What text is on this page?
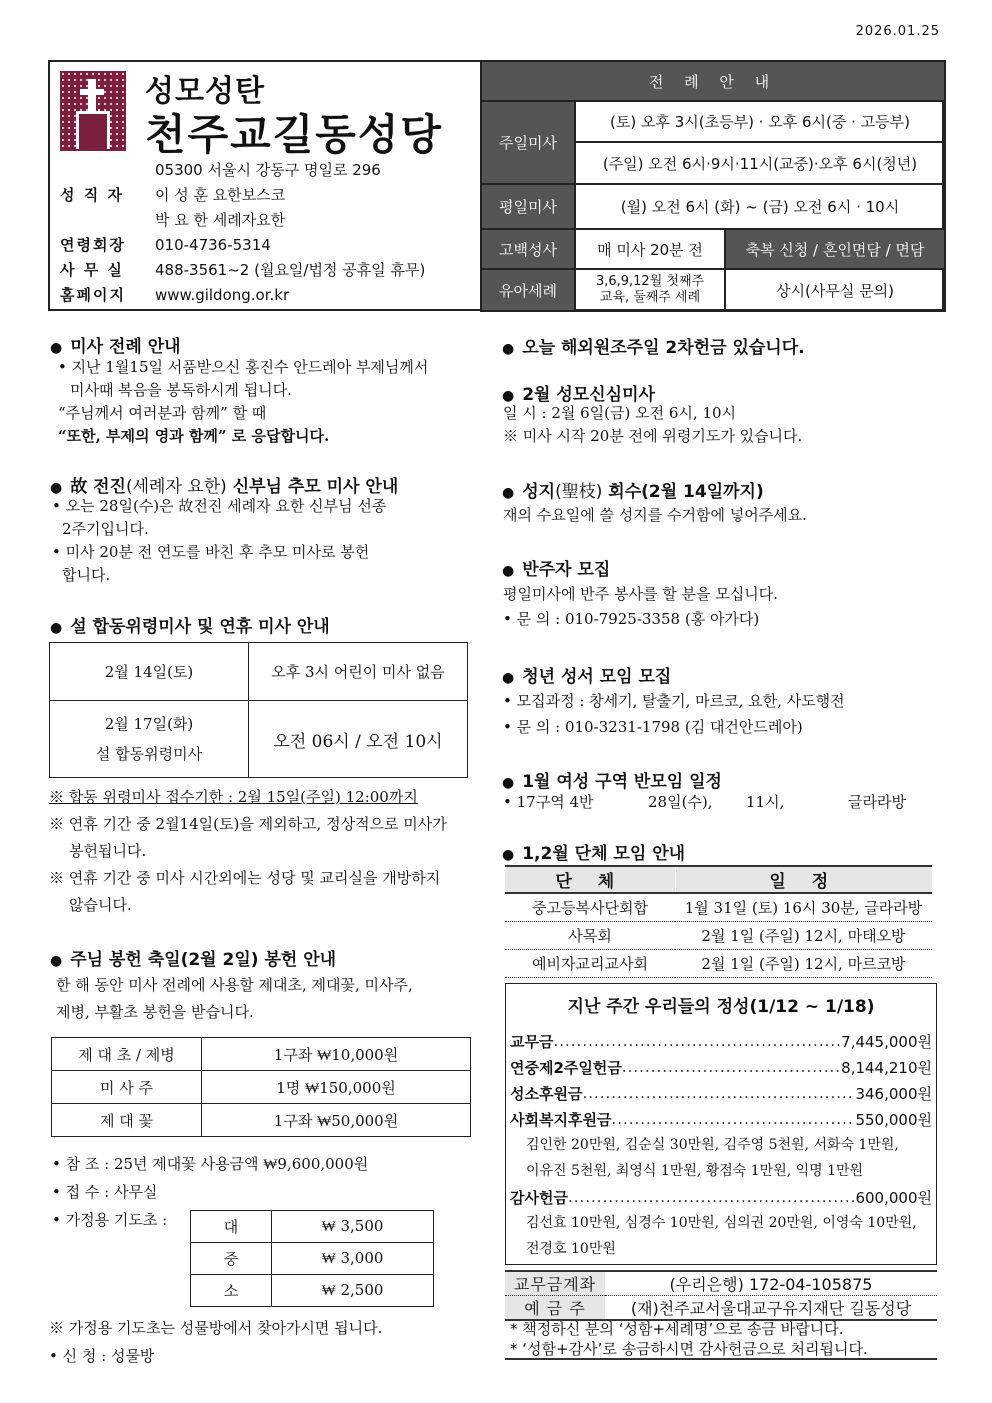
2026.01.25
성모성탄
천주교길동성당
05300 서울시 강동구 명일로 296
성 직 자 이 성 훈 요한보스코
박 요 한 세례자요한
연령회장 010-4736-5314
사 무 실 488-3561~2 (월요일/법정 공휴일 휴무)
홈페이지 www.gildong.or.kr
전 례 안 내		
주일미사	(토) 오후 3시(초등부) · 오후 6시(중 · 고등부)	
	(주일) 오전 6시·9시·11시(교중)·오후 6시(청년)	
평일미사	(월) 오전 6시 (화) ~ (금) 오전 6시 · 10시	
고백성사	매 미사 20분 전	축복 신청 / 혼인면담 / 면담
유아세례	3,6,9,12월 첫째주
교육, 둘째주 세례	상시(사무실 문의)
● 미사 전례 안내
• 지난 1월15일 서품받으신 홍진수 안드레아 부제님께서
미사때 복음을 봉독하시게 됩니다.
“주님께서 여러분과 함께” 할 때
“또한, 부제의 영과 함께” 로 응답합니다.
● 故 전진(세례자 요한) 신부님 추모 미사 안내
• 오는 28일(수)은 故전진 세례자 요한 신부님 선종
2주기입니다.
• 미사 20분 전 연도를 바친 후 추모 미사로 봉헌
합니다.
● 설 합동위령미사 및 연휴 미사 안내
2월 14일(토)	오후 3시 어린이 미사 없음

2월 17일(화)
설 합동위령미사	오전 06시 / 오전 10시
※ 합동 위령미사 접수기한 : 2월 15일(주일) 12:00까지
※ 연휴 기간 중 2월14일(토)을 제외하고, 정상적으로 미사가
봉헌됩니다.
※ 연휴 기간 중 미사 시간외에는 성당 및 교리실을 개방하지
않습니다.
● 주님 봉헌 축일(2월 2일) 봉헌 안내
한 해 동안 미사 전례에 사용할 제대초, 제대꽃, 미사주,
제병, 부활초 봉헌을 받습니다.
제 대 초 / 제병	1구좌 ₩10,000원
미 사 주	1명 ₩150,000원
제 대 꽃	1구좌 ₩50,000원
• 참 조 : 25년 제대꽃 사용금액 ₩9,600,000원
• 접 수 : 사무실
• 가정용 기도초 :	대	₩ 3,500
중	₩ 3,000
소	₩ 2,500
※ 가정용 기도초는 성물방에서 찾아가시면 됩니다.
• 신 청 : 성물방
● 오늘 해외원조주일 2차헌금 있습니다.
● 2월 성모신심미사
일 시 : 2월 6일(금) 오전 6시, 10시
※ 미사 시작 20분 전에 위령기도가 있습니다.
● 성지(聖枝) 회수(2월 14일까지)
재의 수요일에 쓸 성지를 수거함에 넣어주세요.
● 반주자 모집
평일미사에 반주 봉사를 할 분을 모십니다.
• 문 의 : 010-7925-3358 (홍 아가다)
● 청년 성서 모임 모집
• 모집과정 : 창세기, 탈출기, 마르코, 요한, 사도행전
• 문 의 : 010-3231-1798 (김 대건안드레아)
● 1월 여성 구역 반모임 일정
• 17구역 4반	28일(수), 11시,	글라라방
● 1,2월 단체 모임 안내
단 체	일 정
중고등복사단회합	1월 31일 (토) 16시 30분, 글라라방
사목회	2월 1일 (주일) 12시, 마태오방
예비자교리교사회	2월 1일 (주일) 12시, 마르코방
지난 주간 우리들의 정성(1/12 ~ 1/18)
교무금 .....	7,445,000원
연중제2주일헌금 .....	8,144,210원
성소후원금 .....	346,000원
사회복지후원금 .....	550,000원
김인한 20만원, 김순실 30만원, 김주영 5천원, 서화숙 1만원,
이유진 5천원, 최영식 1만원, 황점숙 1만원, 익명 1만원
감사헌금 .....	600,000원
김선효 10만원, 심경수 10만원, 심의권 20만원, 이영숙 10만원,
전경호 10만원
교무금계좌	(우리은행) 172-04-105875
예 금 주	(재)천주교서울대교구유지재단 길동성당
* 책정하신 분의 ‘성함+세례명’으로 송금 바랍니다.
* ‘성함+감사’로 송금하시면 감사헌금으로 처리됩니다.
